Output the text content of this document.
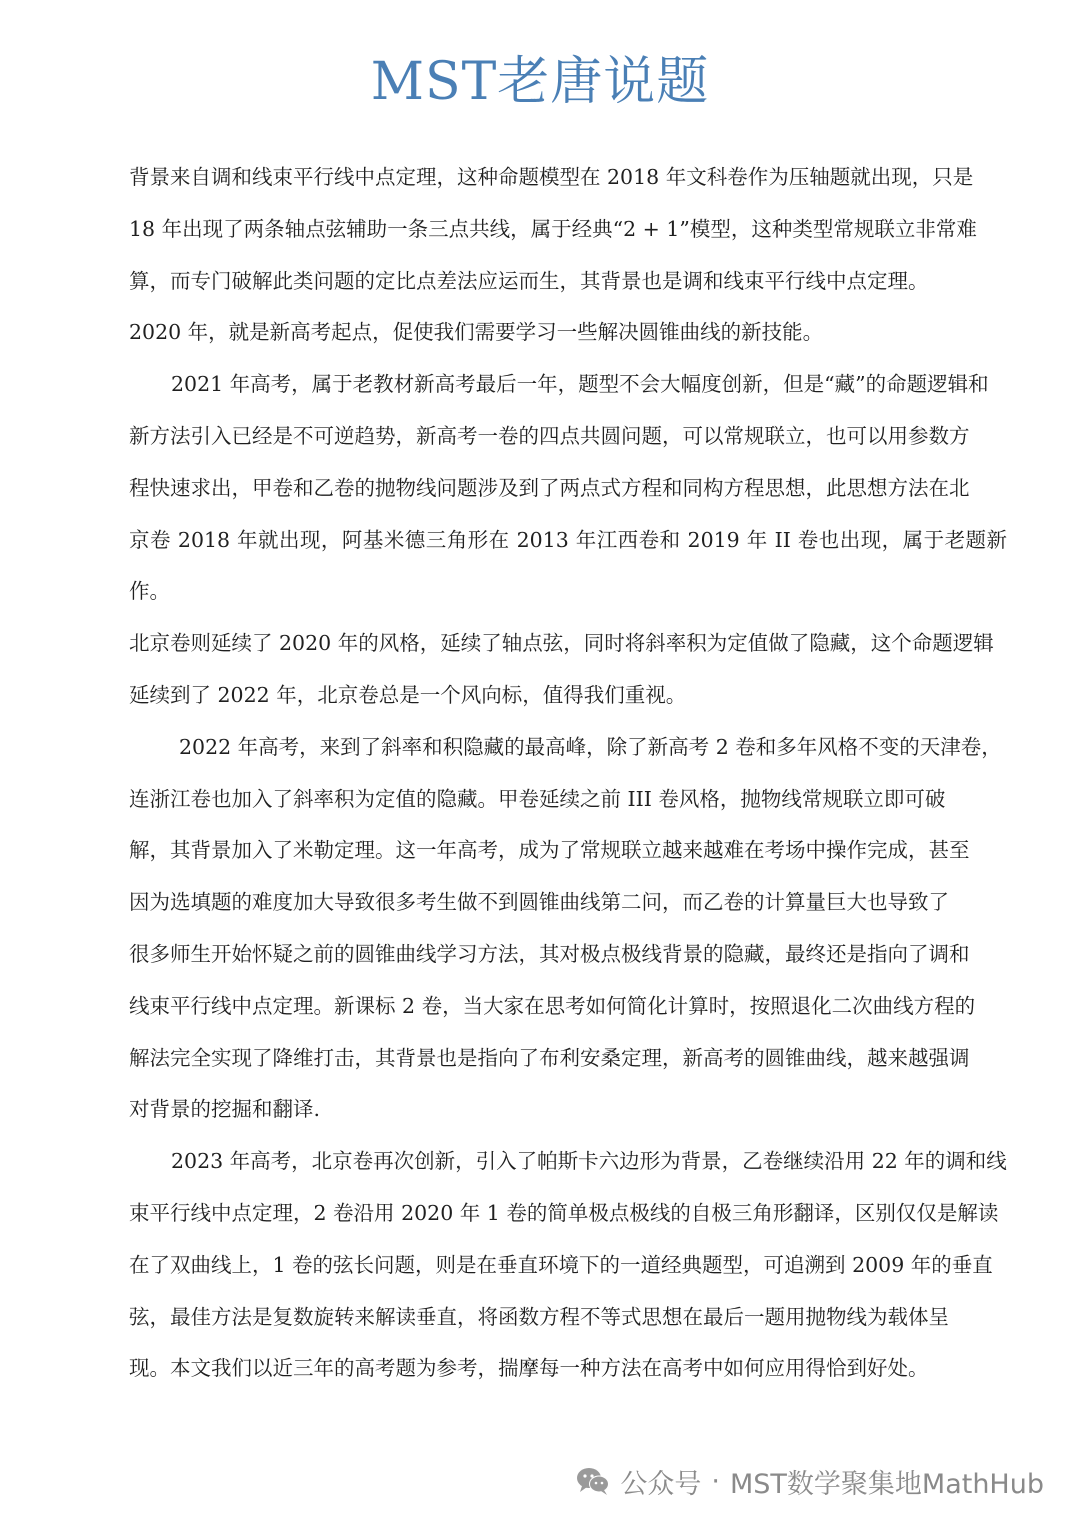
MST老唐说题

背景来自调和线束平行线中点定理，这种命题模型在 2018 年文科卷作为压轴题就出现，只是
18 年出现了两条轴点弦辅助一条三点共线，属于经典“2 + 1”模型，这种类型常规联立非常难
算，而专门破解此类问题的定比点差法应运而生，其背景也是调和线束平行线中点定理。
2020 年，就是新高考起点，促使我们需要学习一些解决圆锥曲线的新技能。

2021 年高考，属于老教材新高考最后一年，题型不会大幅度创新，但是“藏”的命题逻辑和
新方法引入已经是不可逆趋势，新高考一卷的四点共圆问题，可以常规联立，也可以用参数方
程快速求出，甲卷和乙卷的抛物线问题涉及到了两点式方程和同构方程思想，此思想方法在北
京卷 2018 年就出现，阿基米德三角形在 2013 年江西卷和 2019 年 II 卷也出现，属于老题新作。
北京卷则延续了 2020 年的风格，延续了轴点弦，同时将斜率积为定值做了隐藏，这个命题逻辑
延续到了 2022 年，北京卷总是一个风向标，值得我们重视。

2022 年高考，来到了斜率和积隐藏的最高峰，除了新高考 2 卷和多年风格不变的天津卷，
连浙江卷也加入了斜率积为定值的隐藏。甲卷延续之前 III 卷风格，抛物线常规联立即可破
解，其背景加入了米勒定理。这一年高考，成为了常规联立越来越难在考场中操作完成，甚至
因为选填题的难度加大导致很多考生做不到圆锥曲线第二问，而乙卷的计算量巨大也导致了
很多师生开始怀疑之前的圆锥曲线学习方法，其对极点极线背景的隐藏，最终还是指向了调和
线束平行线中点定理。新课标 2 卷，当大家在思考如何简化计算时，按照退化二次曲线方程的
解法完全实现了降维打击，其背景也是指向了布利安桑定理，新高考的圆锥曲线，越来越强调
对背景的挖掘和翻译.

2023 年高考，北京卷再次创新，引入了帕斯卡六边形为背景，乙卷继续沿用 22 年的调和线
束平行线中点定理，2 卷沿用 2020 年 1 卷的简单极点极线的自极三角形翻译，区别仅仅是解读
在了双曲线上，1 卷的弦长问题，则是在垂直环境下的一道经典题型，可追溯到 2009 年的垂直
弦，最佳方法是复数旋转来解读垂直，将函数方程不等式思想在最后一题用抛物线为载体呈
现。本文我们以近三年的高考题为参考，揣摩每一种方法在高考中如何应用得恰到好处。

公众号 · MST数学聚集地MathHub
